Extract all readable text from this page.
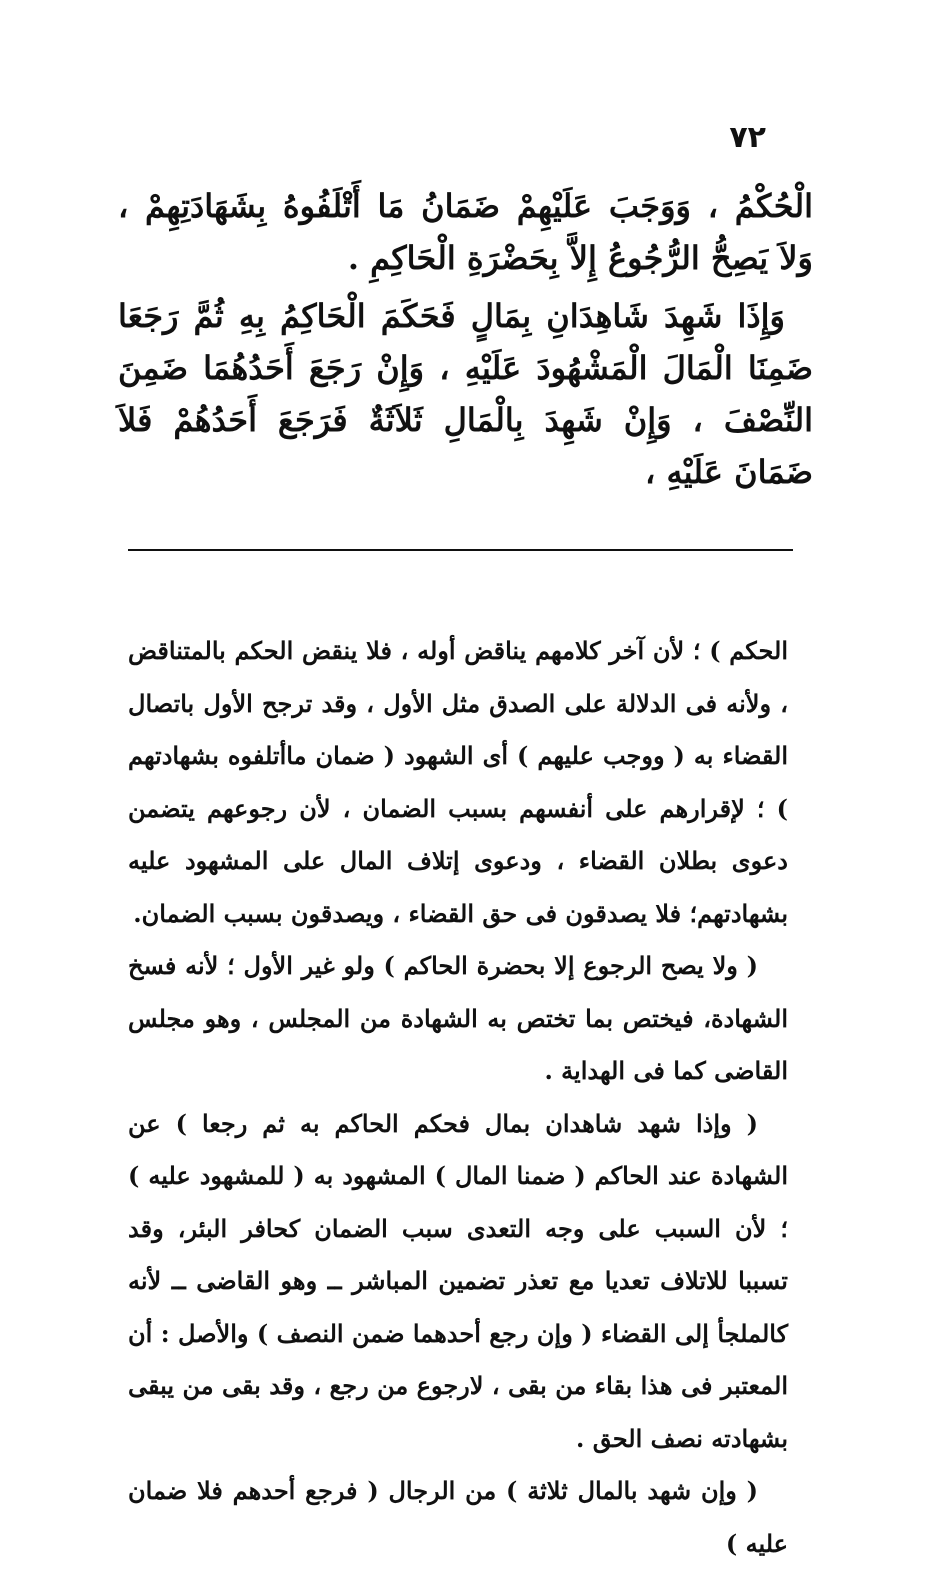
٧٢

الْحُكْمُ ، وَوَجَبَ عَلَيْهِمْ ضَمَانُ مَا أَتْلَفُوهُ بِشَهَادَتِهِمْ ، وَلاَ يَصِحُّ الرُّجُوعُ إِلاَّ بِحَضْرَةِ الْحَاكِمِ .

وَإِذَا شَهِدَ شَاهِدَانِ بِمَالٍ فَحَكَمَ الْحَاكِمُ بِهِ ثُمَّ رَجَعَا ضَمِنَا الْمَالَ الْمَشْهُودَ عَلَيْهِ ، وَإِنْ رَجَعَ أَحَدُهُمَا ضَمِنَ النِّصْفَ ، وَإِنْ شَهِدَ بِالْمَالِ ثَلاَثَةٌ فَرَجَعَ أَحَدُهُمْ فَلاَ ضَمَانَ عَلَيْهِ ،

الحكم ) ؛ لأن آخر كلامهم يناقض أوله ، فلا ينقض الحكم بالمتناقض ، ولأنه فى الدلالة على الصدق مثل الأول ، وقد ترجح الأول باتصال القضاء به ( ووجب عليهم ) أى الشهود ( ضمان ماأتلفوه بشهادتهم ) ؛ لإقرارهم على أنفسهم بسبب الضمان ، لأن رجوعهم يتضمن دعوى بطلان القضاء ، ودعوى إتلاف المال على المشهود عليه بشهادتهم؛ فلا يصدقون فى حق القضاء ، ويصدقون بسبب الضمان.

( ولا يصح الرجوع إلا بحضرة الحاكم ) ولو غير الأول ؛ لأنه فسخ الشهادة، فيختص بما تختص به الشهادة من المجلس ، وهو مجلس القاضى كما فى الهداية .

( وإذا شهد شاهدان بمال فحكم الحاكم به ثم رجعا ) عن الشهادة عند الحاكم ( ضمنا المال ) المشهود به ( للمشهود عليه ) ؛ لأن السبب على وجه التعدى سبب الضمان كحافر البئر، وقد تسببا للاتلاف تعديا مع تعذر تضمين المباشر ــ وهو القاضى ــ لأنه كالملجأ إلى القضاء ( وإن رجع أحدهما ضمن النصف ) والأصل : أن المعتبر فى هذا بقاء من بقى ، لارجوع من رجع ، وقد بقى من يبقى بشهادته نصف الحق .

( وإن شهد بالمال ثلاثة ) من الرجال ( فرجع أحدهم فلا ضمان عليه )
